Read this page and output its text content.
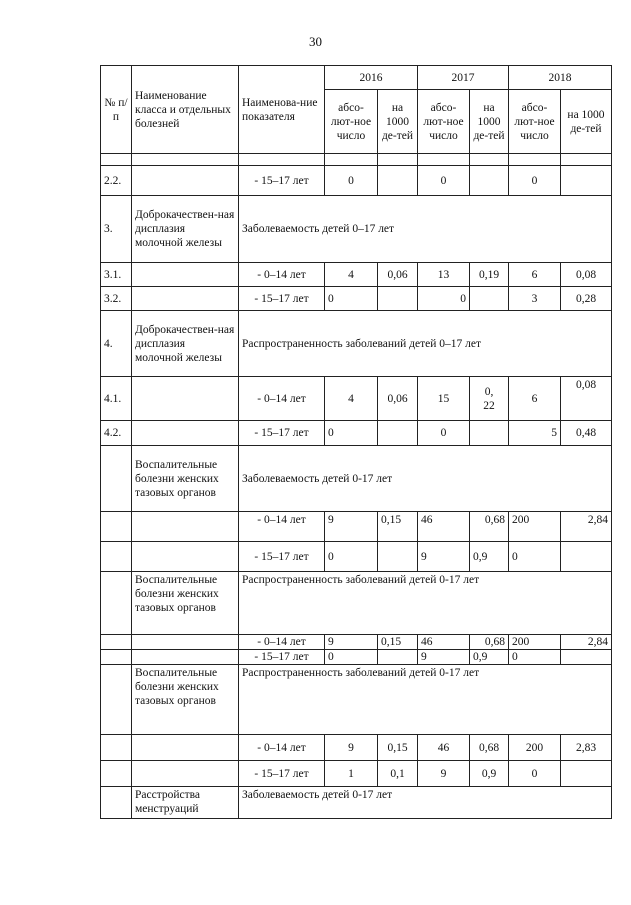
30
№ п/п	Наименование класса и отдельных болезней	Наименова-ние показателя	2016		2017		2018	
			абсо-лют-ное число	на 1000 де-тей	абсо-лют-ное число	на 1000 де-тей	абсо-лют-ное число	на 1000 де-тей

2.2.		- 15–17 лет	0		0		0	
3.	Доброкачествен-ная дисплазия молочной железы	Заболеваемость детей 0–17 лет						
3.1.		- 0–14 лет	4	0,06	13	0,19	6	0,08
3.2.		- 15–17 лет	0		0		3	0,28
4.	Доброкачествен-ная дисплазия молочной железы	Распространенность заболеваний детей 0–17 лет						
4.1.		- 0–14 лет	4	0,06	15	0, 22	6	0,08
4.2.		- 15–17 лет	0		0		5	0,48
	Воспалительные болезни женских тазовых органов	Заболеваемость детей 0-17 лет						
		- 0–14 лет	9	0,15	46	0,68	200	2,84
		- 15–17 лет	0		9	0,9	0	
	Воспалительные болезни женских тазовых органов	Распространенность заболеваний детей 0-17 лет						
		- 0–14 лет	9	0,15	46	0,68	200	2,84
		- 15–17 лет	0		9	0,9	0	
	Воспалительные болезни женских тазовых органов	Распространенность заболеваний детей 0-17 лет						
		- 0–14 лет	9	0,15	46	0,68	200	2,83
		- 15–17 лет	1	0,1	9	0,9	0	
	Расстройства менструаций	Заболеваемость детей 0-17 лет						
